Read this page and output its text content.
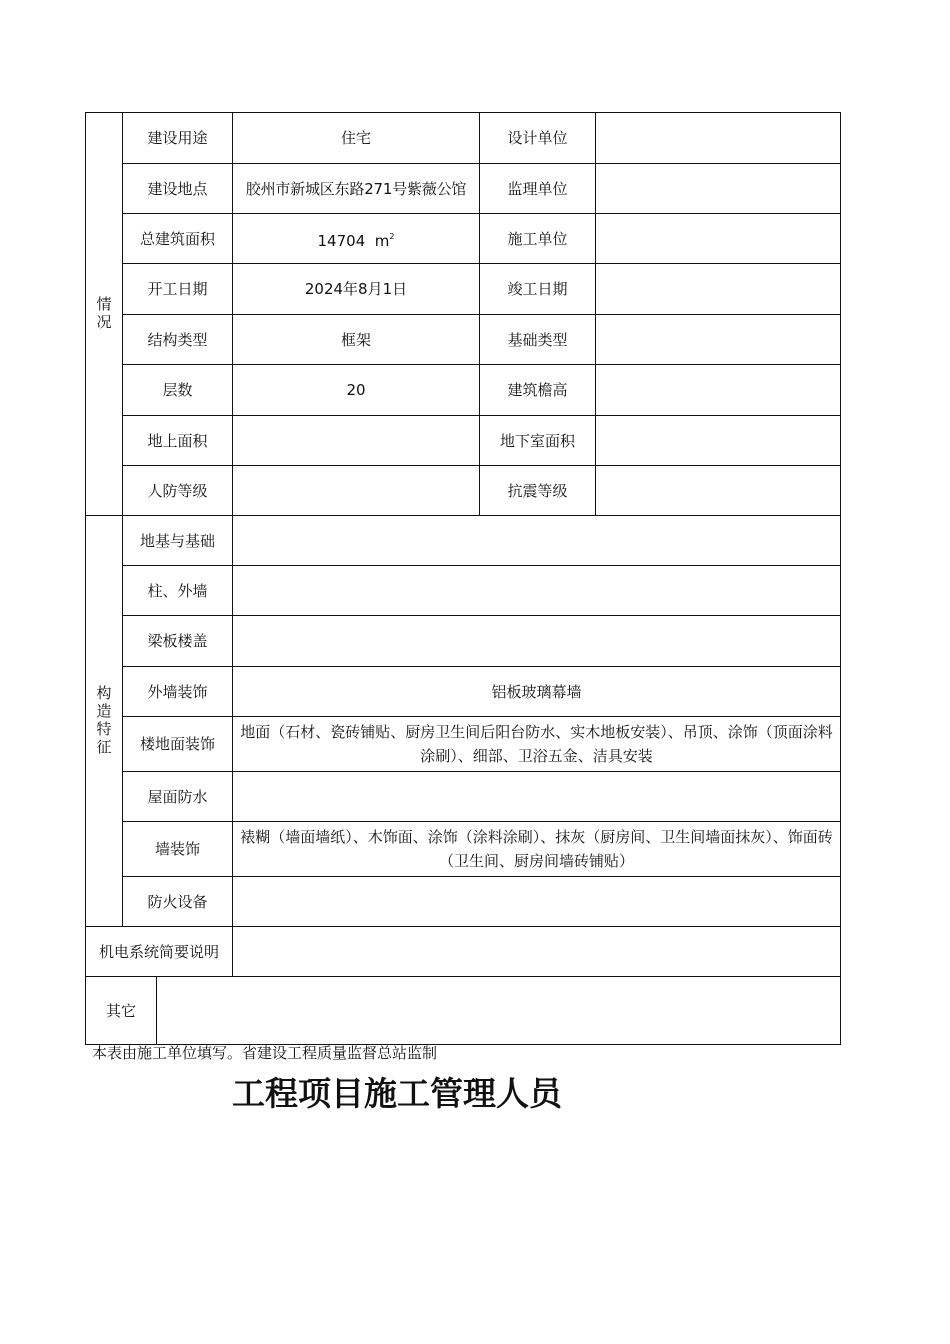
情况	建设用途		住宅	设计单位	
	建设地点		胶州市新城区东路271号紫薇公馆	监理单位	
	总建筑面积		14704 $m^2$	施工单位	
	开工日期		2024年8月1日	竣工日期	
	结构类型		框架	基础类型	
	层数		20	建筑檐高	
	地上面积			地下室面积	
	人防等级			抗震等级	
构造特征	地基与基础				
	柱、外墙				
	梁板楼盖				
	外墙装饰		铝板玻璃幕墙		
	楼地面装饰		地面（石材、瓷砖铺贴、厨房卫生间后阳台防水、实木地板安装）、吊顶、涂饰（顶面涂料涂刷）、细部、卫浴五金、洁具安装		
	屋面防水				
	墙装饰		裱糊（墙面墙纸）、木饰面、涂饰（涂料涂刷）、抹灰（厨房间、卫生间墙面抹灰）、饰面砖（卫生间、厨房间墙砖铺贴）		
	防火设备				
机电系统简要说明					
其它					
本表由施工单位填写。省建设工程质量监督总站监制
工程项目施工管理人员
